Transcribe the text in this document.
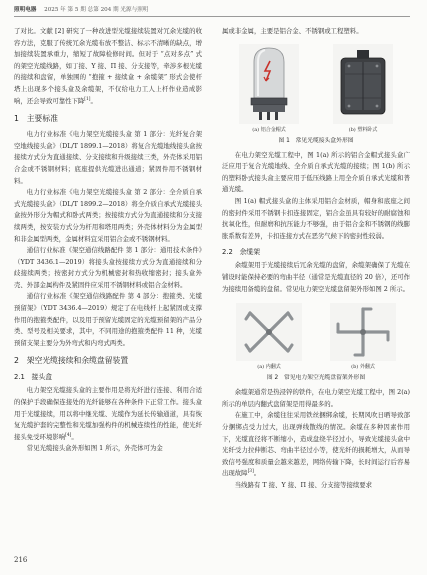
照明电器 2025 年 第 5 期 总第 204 期 光源与照明

了对比。文献 [2] 研究了一种改进型光缆接续装置对冗余光缆的收容方法，克服了传统冗余光缆布放不整洁、标示不清晰的缺点，增加接续装置承重力，缩短了故障检修时间。但对于 “点对多点” 式的架空光缆线路，如丁接、Y 接、Π 接、分支接等，牵涉多根光缆的接续和盘留，单独围的 “抱箍 + 接续盒 + 余缆架” 形式会使杆塔上出现多个接头盒及余缆架，不仅给电力工人上杆作业造成影响，还会导致可靠性下降[1]。

1　主要标准

电力行业标准《电力架空光缆接头盒 第 1 部分：光纤复合架空地线接头盒》（DL/T 1899.1—2018）将复合光缆地线接头盒按接续方式分为直通接续、分支接续和升级接续三类，外壳体采用铝合金或不锈钢材料；底座提供光缆进出通道；紧固件用不锈钢材料。

电力行业标准《电力架空光缆接头盒 第 2 部分：全介质自承式光缆接头盒》（DL/T 1899.2—2018）将全介质自承式光缆接头盒按外形分为帽式和卧式两类；按接续方式分为直通接续和分支接续两类，按安装方式分为杆用和塔用两类；外壳体材料分为金属型和非金属型两类，金属材料宜采用铝合金或不锈钢材料。

通信行业标准《架空通信线路配件 第 1 部分：通用技术条件》（YDT 3436.1—2019）将接头盒按接续方式分为直通接续和分歧接续两类；按密封方式分为机械密封和热收缩密封；接头盒外壳、外部金属构件及紧固件应采用不锈钢材料或铝合金材料。

通信行业标准《架空通信线路配件 第 4 部分：抱箍类、光缆预留架》（YDT 3436.4—2019）规定了在电线杆上起紧固或支撑作用的抱箍类配件，以及用于预留光缆固定的光缆预留架的产品分类、型号及相关要求，其中，不同用途的抱箍类配件 11 种，光缆预留支架主要分为外弯式和内弯式两类。

2　架空光缆接续和余缆盘留装置
2.1　接头盒

电力架空光缆接头盒的主要作用是将光纤进行连接、利用合适的保护手段确保连接处的光纤能够在各种条件下正常工作。接头盒用于光缆接续，用以将中继光缆、光缆作为延长传输通道，具有恢复光缆护套的完整性和光缆加强构件的机械连续性的性能，使光纤接头免受环境影响[4]。

常见光缆接头盒外形如图 1 所示，外壳体可为金

属或非金属，主要是铝合金、不锈钢或工程塑料。

(a) 铝合金帽式	(b) 塑料卧式
图 1　常见光缆接头盒外形图

在电力架空光缆工程中，图 1(a) 所示的铝合金帽式接头盒广泛应用于复合光缆地线、全介质自承式光缆的接续；图 1(b) 所示的塑料卧式接头盒主要应用于低压线路上用全介质自承式光缆和普通光缆。

图 1(a) 帽式接头盒的主体采用铝合金材质，帽身和底座之间的密封件采用不锈钢卡扣连接固定，铝合金虽具有较好的耐腐蚀和抗氧化性，但耐磨和抗压能力不够强，由于铝合金和不锈钢的线膨胀系数有差异，卡扣连接方式在恶劣气候下的密封性较弱。

2.2　余缆架

余缆架用于光缆接续后冗余光缆的盘留，余缆架确保了光缆在铺设时能保持必要的弯曲半径（通常是光缆直径的 20 倍），还可作为接续用备缆的盘留。常见电力架空光缆盘留架外形如图 2 所示。

(a) 内翻式	(b) 外翻式
图 2　常见电力架空光缆盘留架外形图

余缆架通常是热浸锌的铁件，在电力架空光缆工程中，图 2(a) 所示的单层内翻式盘留架是用得最多的。

在施工中，余缆往往采用铁丝捆绑余缆，长期风吹日晒导致部分捆绑点受力过大，出现弹线散线的情况。余缆在多种因素作用下，光缆直径将不断缩小，造成盘绕半径过小，导致光缆接头盒中光纤受力拉伸断芯、弯曲半径过小等，使光纤的损耗增大，从而导致信号强度和质量会越来越差，网络传输下降，长时间运行后容易出现故障[3]。

当线路有 T 接、Y 接、Π 接、分支接等接续要求

216
